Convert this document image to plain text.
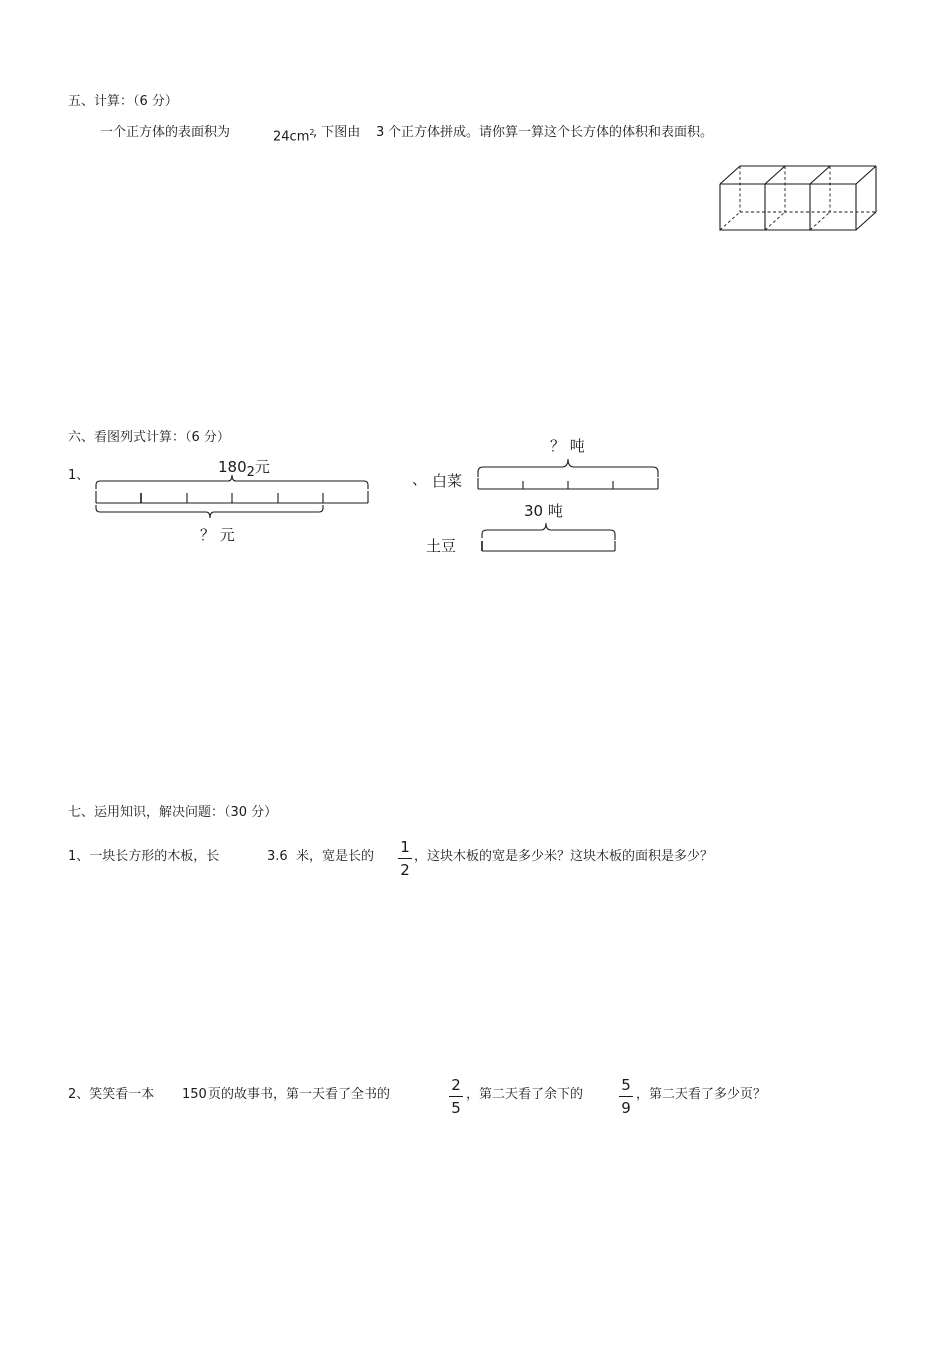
五、计算：（6 分）
一个正方体的表面积为	$24cm^2$
, 下图由 3 个正方体拼成。请你算一算这个长方体的体积和表面积。
六、看图列式计算：（6 分）
1、	1802元
？ 元
、 白菜
？ 吨
30 吨
土豆
七、运用知识，解决问题：（30 分）
1、一块长方形的木板，长	3.6 米，宽是长的
1
2
，这块木板的宽是多少米？这块木板的面积是多少？
2、笑笑看一本 150 页的故事书，第一天看了全书的
2
5
，第二天看了余下的
5
9
，第二天看了多少页？
